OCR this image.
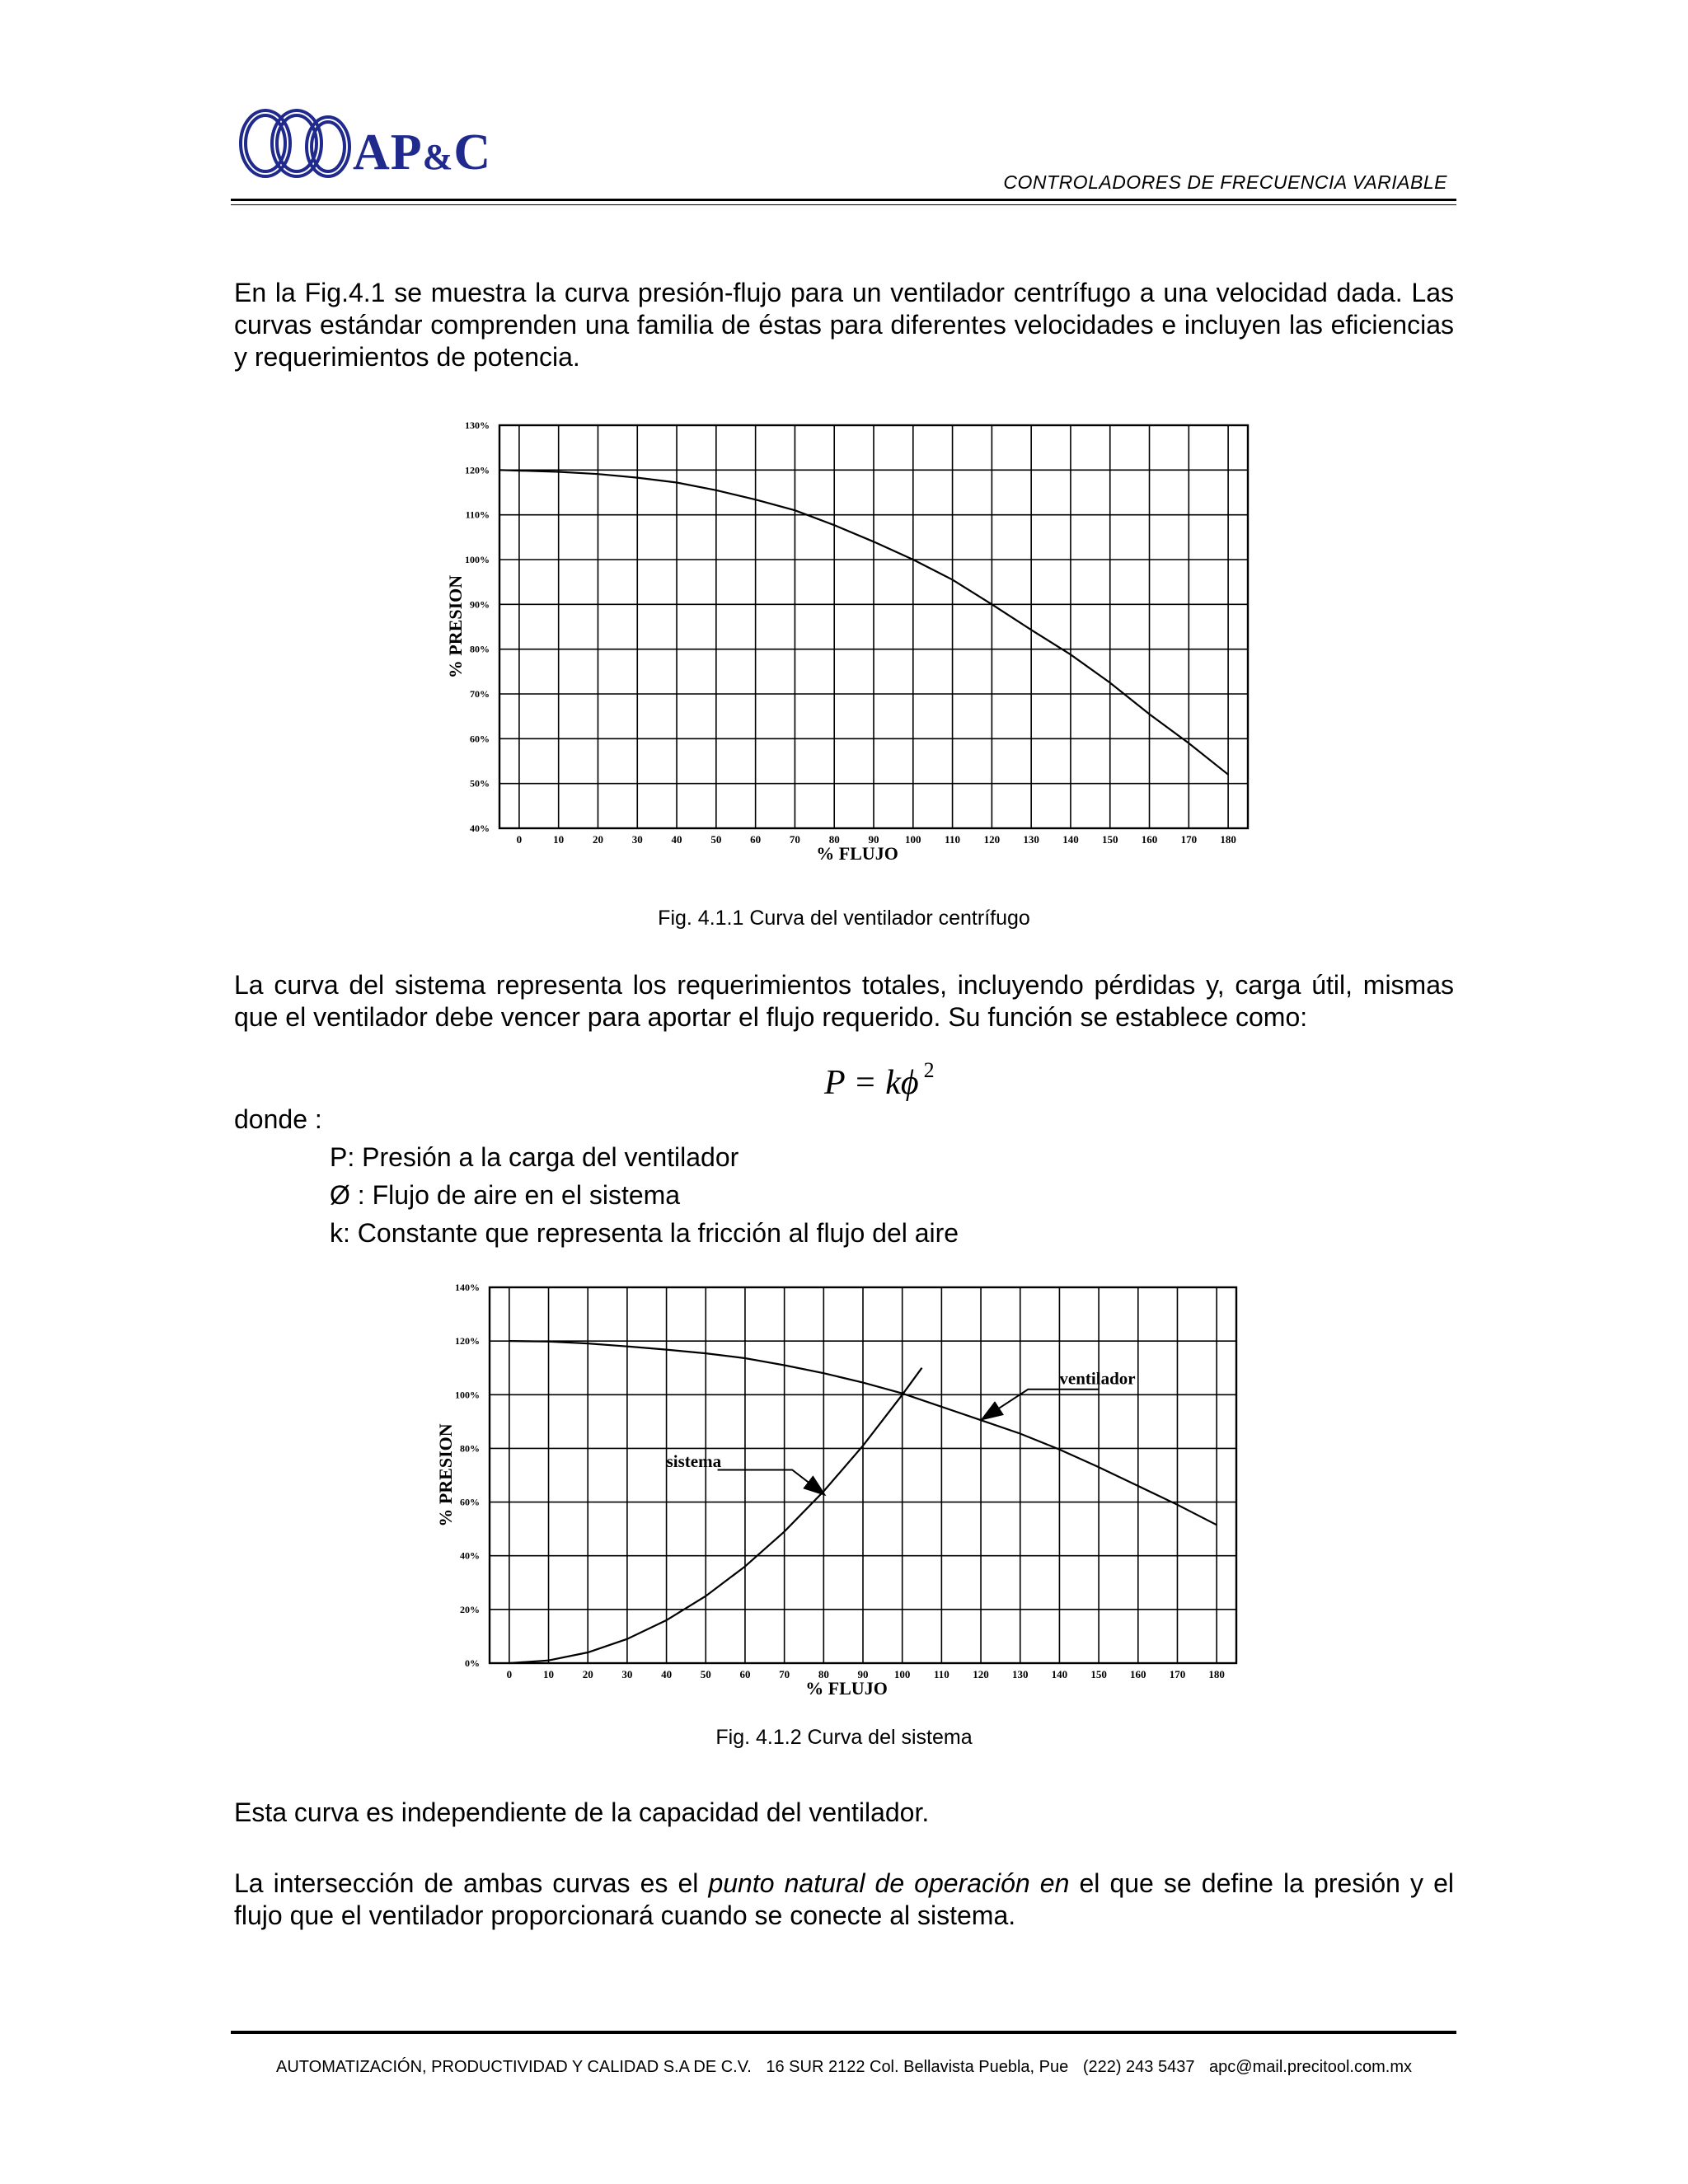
AP&C
CONTROLADORES DE FRECUENCIA VARIABLE
En la Fig.4.1 se muestra la curva presión-flujo para un ventilador centrífugo a una velocidad dada. Las curvas estándar comprenden una familia de éstas para diferentes velocidades e incluyen las eficiencias y requerimientos de potencia.
0	10	20	30	40	50	60	70	80	90 100 110 120 130 140 150 160 170 180
130%
120%
110%
100%
90%
80%
70%
60%
50%
40%
% FLUJO
% PRESION
Fig. 4.1.1 Curva del ventilador centrífugo
La curva del sistema representa los requerimientos totales, incluyendo pérdidas y, carga útil, mismas que el ventilador debe vencer para aportar el flujo requerido. Su función se establece como:
P = kϕ $^2$
donde :
P: Presión a la carga del ventilador
Ø : Flujo de aire en el sistema
k: Constante que representa la fricción al flujo del aire
0	10	20	30	40	50	60	70	80	90 100 110 120 130 140 150 160 170 180
140%
120%
100%
80%
60%
40%
20%
0%
% FLUJO
% PRESION
ventilador
sistema
Fig. 4.1.2 Curva del sistema
Esta curva es independiente de la capacidad del ventilador.
La intersección de ambas curvas es el punto natural de operación en el que se define la presión y el flujo que el ventilador proporcionará cuando se conecte al sistema.
AUTOMATIZACIÓN, PRODUCTIVIDAD Y CALIDAD S.A DE C.V. 16 SUR 2122 Col. Bellavista Puebla, Pue (222) 243 5437 apc@mail.precitool.com.mx
